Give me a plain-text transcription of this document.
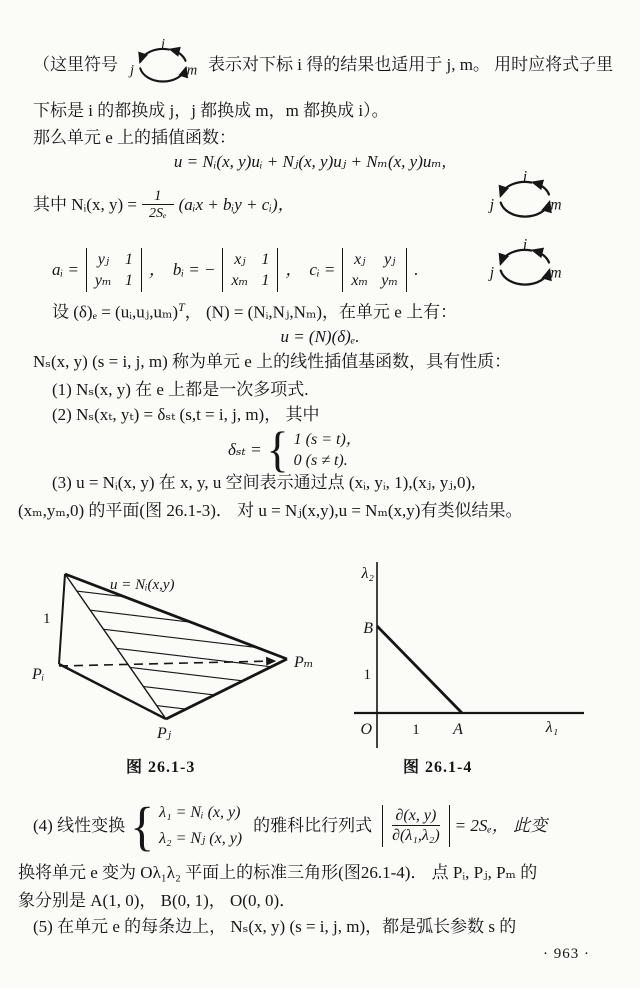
（这里符号
i
j	m 表示对下标 i 得的结果也适用于 j, m。 用时应将式子里
下标是 i 的都换成 j，j 都换成 m，m 都换成 i）。
那么单元 e 上的插值函数：
u = Nᵢ(x, y)uᵢ + Nⱼ(x, y)uⱼ + Nₘ(x, y)uₘ,
其中 Nᵢ(x, $y) = \frac{1}{\text{2Sₑ}}$ (aᵢx + bᵢy + cᵢ)，
i
j	m
aᵢ =
yⱼ 1
yₘ 1
， bᵢ = −
xⱼ 1
xₘ 1
， cᵢ =
xⱼ yⱼ
xₘ yₘ
.
i
j	m
设 (δ)ₑ = (uᵢ,uⱼ,uₘ)$^T$， (N) = (Nᵢ,Nⱼ,Nₘ)，在单元 e 上有：
u = (N)(δ)ₑ.
Nₛ(x, y) (s = i, j, m) 称为单元 e 上的线性插值基函数，具有性质：
(1) Nₛ(x, y) 在 e 上都是一次多项式.
(2) Nₛ(xₜ, yₜ) = δₛₜ (s,t = i, j, m)， 其中
δₛₜ = { 1 (s = t)，
0 (s ≠ t).
(3) u = Nᵢ(x, y) 在 x, y, u 空间表示通过点 (xᵢ, yᵢ, 1),(xⱼ, yⱼ,0),
(xₘ,yₘ,0) 的平面(图 26.1-3)． 对 u = Nⱼ(x,y),u = Nₘ(x,y)有类似结果。
1
u = Nᵢ(x,y)
Pᵢ
Pⱼ
Pₘ
λ₂
B
1
O	1 A	λ₁
图 26.1-3	图 26.1-4
(4) 线性变换 { λ₁ = Nᵢ (x, y)
λ₂ = Nⱼ (x, y)
的雅科比行列式 $\frac{\partial(x, y)}{\text{∂(λ₁,λ₂)}} = 2S_e$， 此变
换将单元 e 变为 Oλ₁λ₂ 平面上的标准三角形(图26.1-4)． 点 Pᵢ, Pⱼ, Pₘ 的
象分别是 A(1, 0)， B(0, 1)， O(0, 0)．
(5) 在单元 e 的每条边上， Nₛ(x, y) (s = i, j, m)，都是弧长参数 s 的
· 963 ·
